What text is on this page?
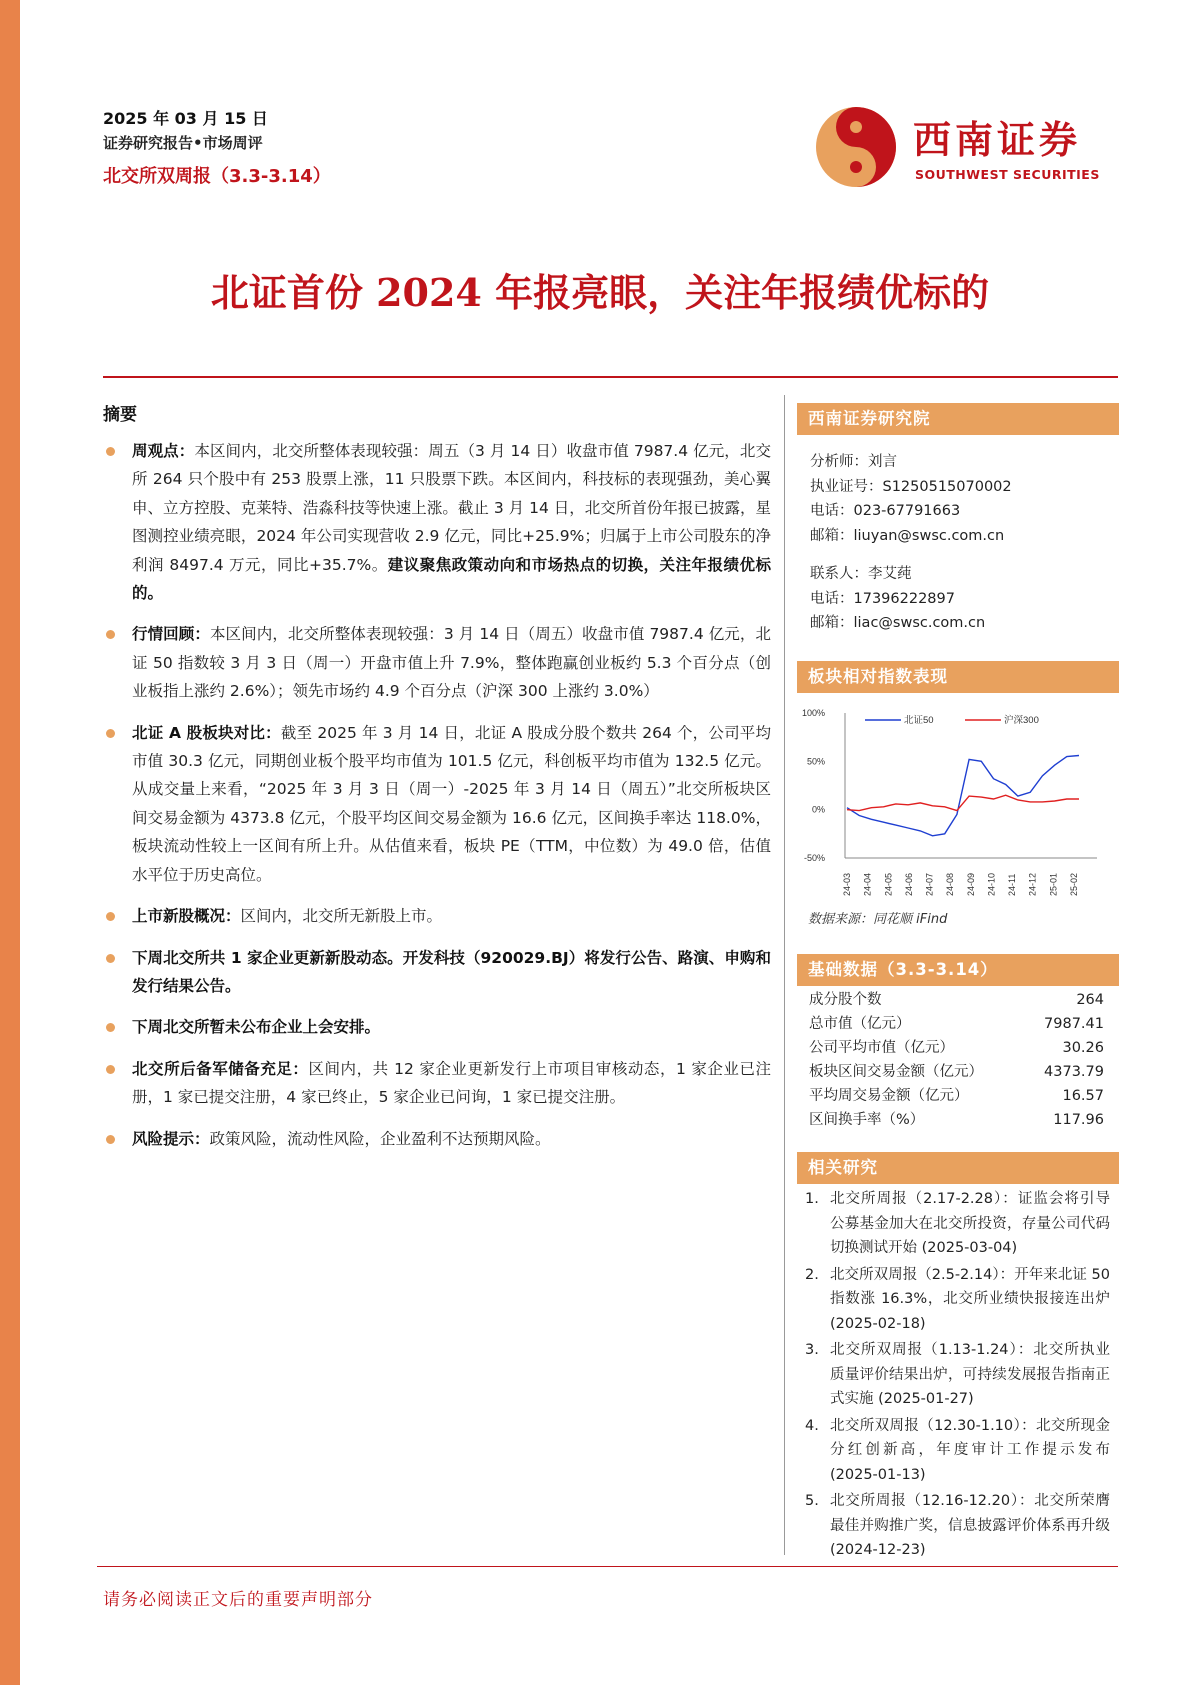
2025 年 03 月 15 日
证券研究报告•市场周评
北交所双周报（3.3-3.14）
西南证券
SOUTHWEST SECURITIES
北证首份 2024 年报亮眼，关注年报绩优标的
摘要
周观点：本区间内，北交所整体表现较强：周五（3 月 14 日）收盘市值 7987.4 亿元，北交所 264 只个股中有 253 股票上涨，11 只股票下跌。本区间内，科技标的表现强劲，美心翼申、立方控股、克莱特、浩淼科技等快速上涨。截止 3 月 14 日，北交所首份年报已披露，星图测控业绩亮眼，2024 年公司实现营收 2.9 亿元，同比+25.9%；归属于上市公司股东的净利润 8497.4 万元，同比+35.7%。建议聚焦政策动向和市场热点的切换，关注年报绩优标的。
行情回顾：本区间内，北交所整体表现较强：3 月 14 日（周五）收盘市值 7987.4 亿元，北证 50 指数较 3 月 3 日（周一）开盘市值上升 7.9%，整体跑赢创业板约 5.3 个百分点（创业板指上涨约 2.6%）；领先市场约 4.9 个百分点（沪深 300 上涨约 3.0%）
北证 A 股板块对比：截至 2025 年 3 月 14 日，北证 A 股成分股个数共 264 个，公司平均市值 30.3 亿元，同期创业板个股平均市值为 101.5 亿元，科创板平均市值为 132.5 亿元。从成交量上来看，“2025 年 3 月 3 日（周一）-2025 年 3 月 14 日（周五）”北交所板块区间交易金额为 4373.8 亿元，个股平均区间交易金额为 16.6 亿元，区间换手率达 118.0%，板块流动性较上一区间有所上升。从估值来看，板块 PE（TTM，中位数）为 49.0 倍，估值水平位于历史高位。
上市新股概况：区间内，北交所无新股上市。
下周北交所共 1 家企业更新新股动态。开发科技（920029.BJ）将发行公告、路演、申购和发行结果公告。
下周北交所暂未公布企业上会安排。
北交所后备军储备充足：区间内，共 12 家企业更新发行上市项目审核动态，1 家企业已注册，1 家已提交注册，4 家已终止，5 家企业已问询，1 家已提交注册。
风险提示：政策风险，流动性风险，企业盈利不达预期风险。
西南证券研究院
分析师：刘言
执业证号：S1250515070002
电话：023-67791663
邮箱：liuyan@swsc.com.cn
联系人：李艾莼
电话：17396222897
邮箱：liac@swsc.com.cn
板块相对指数表现
100%
50%
0%
-50%
24-03 24-04 24-05 24-06 24-07 24-08 24-09 24-10 24-11 24-12 25-01 25-02
北证50	沪深300
数据来源：同花顺 iFind
基础数据（3.3-3.14）
成分股个数	264
总市值（亿元）	7987.41
公司平均市值（亿元）	30.26
板块区间交易金额（亿元）	4373.79
平均周交易金额（亿元）	16.57
区间换手率（%）	117.96
相关研究
1. 北交所周报（2.17-2.28）：证监会将引导公募基金加大在北交所投资，存量公司代码切换测试开始 (2025-03-04)
2. 北交所双周报（2.5-2.14）：开年来北证 50 指数涨 16.3%，北交所业绩快报接连出炉 (2025-02-18)
3. 北交所双周报（1.13-1.24）：北交所执业质量评价结果出炉，可持续发展报告指南正式实施 (2025-01-27)
4. 北交所双周报（12.30-1.10）：北交所现金分红创新高，年度审计工作提示发布 (2025-01-13)
5. 北交所周报（12.16-12.20）：北交所荣膺最佳并购推广奖，信息披露评价体系再升级 (2024-12-23)
请务必阅读正文后的重要声明部分
